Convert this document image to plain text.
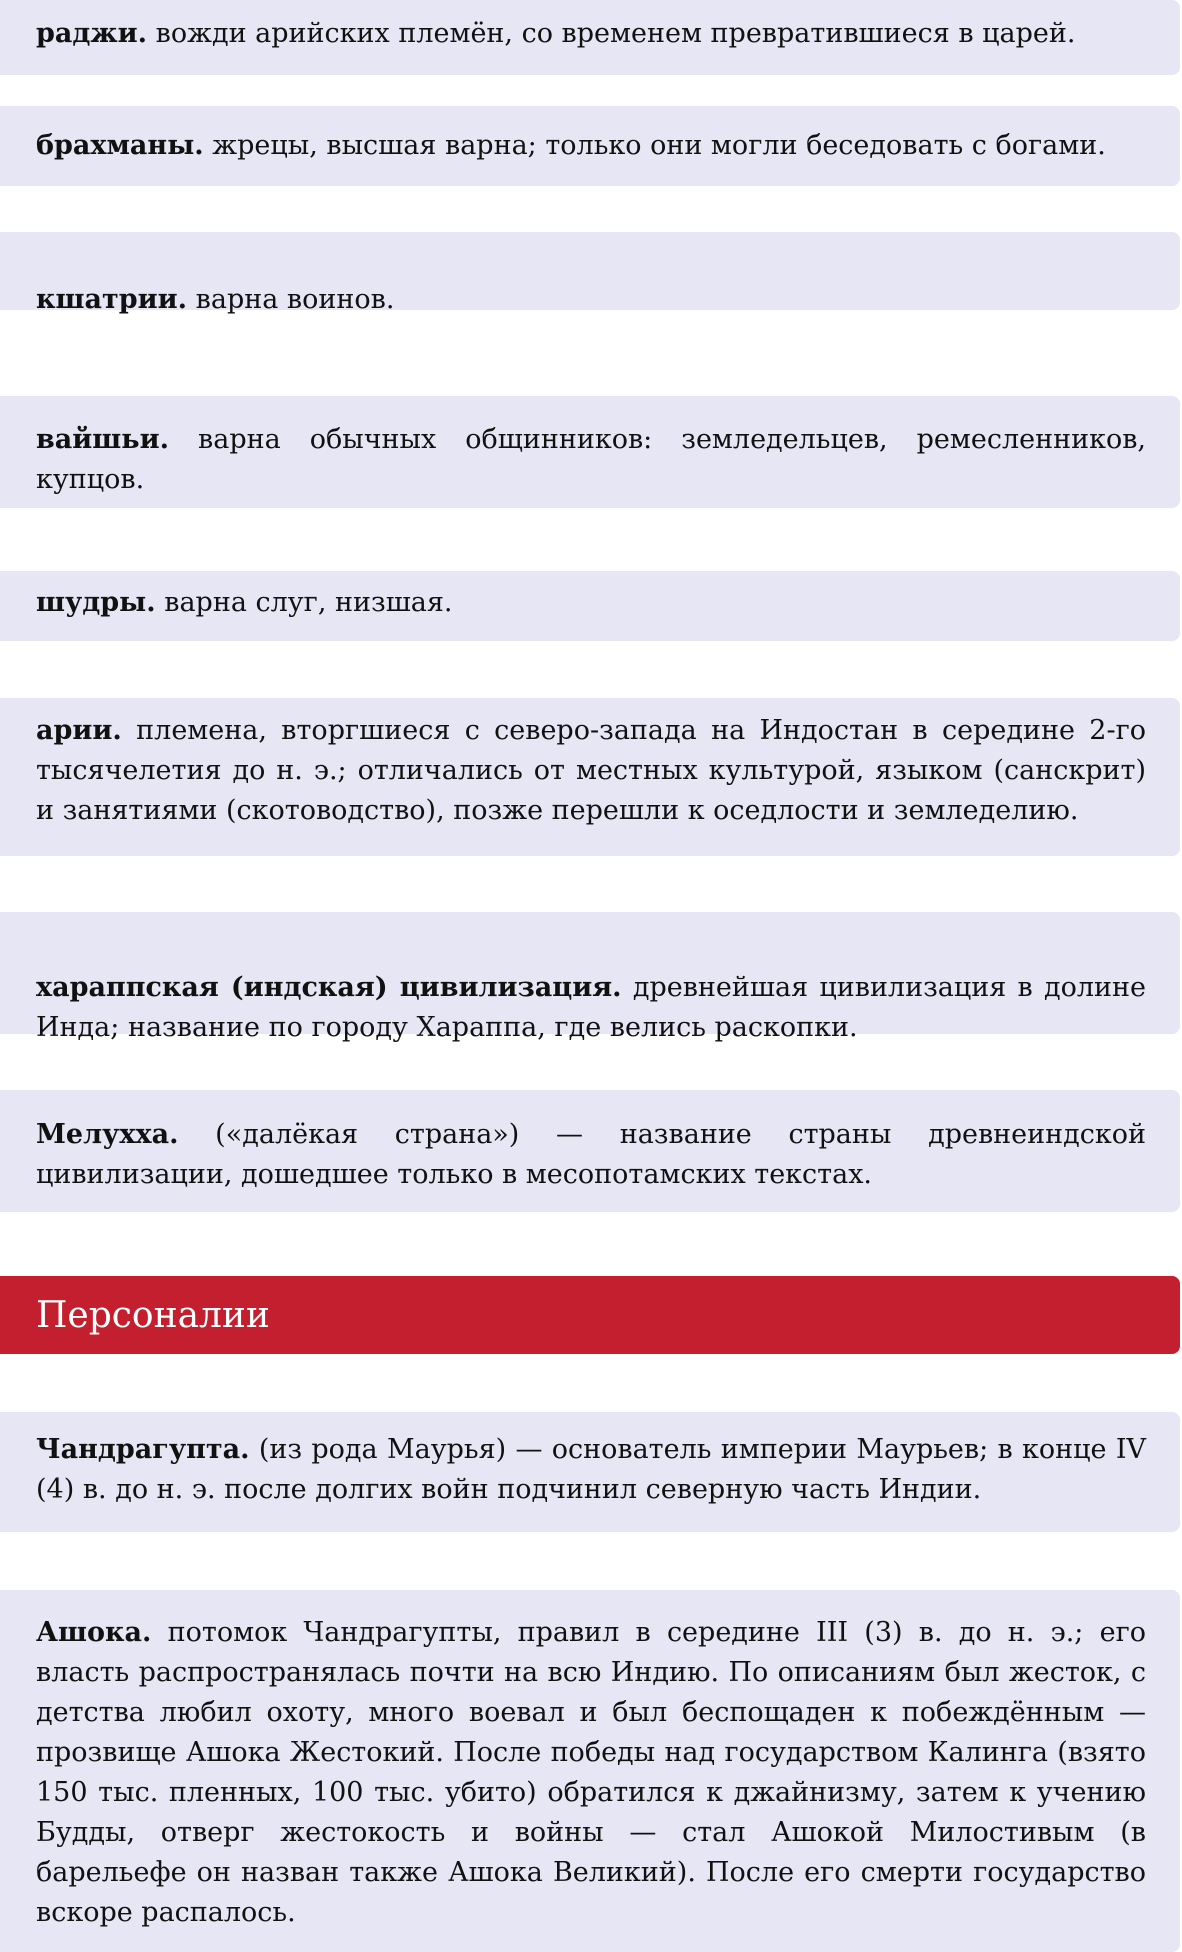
раджи. вожди арийских племён, со временем превратившиеся в царей.

брахманы. жрецы, высшая варна; только они могли беседовать с богами.

кшатрии. варна воинов.

вайшьи. варна обычных общинников: земледельцев, ремесленников, купцов.

шудры. варна слуг, низшая.

арии. племена, вторгшиеся с северо-запада на Индостан в середине 2-го тысячелетия до н. э.; отличались от местных культурой, языком (санскрит) и занятиями (скотоводство), позже перешли к оседлости и земледелию.

хараппская (индская) цивилизация. древнейшая цивилизация в долине Инда; название по городу Хараппа, где велись раскопки.

Мелухха. («далёкая страна») — название страны древнеиндской цивилизации, дошедшее только в месопотамских текстах.

Персоналии

Чандрагупта. (из рода Маурья) — основатель империи Маурьев; в конце IV (4) в. до н. э. после долгих войн подчинил северную часть Индии.

Ашока. потомок Чандрагупты, правил в середине III (3) в. до н. э.; его власть распространялась почти на всю Индию. По описаниям был жесток, с детства любил охоту, много воевал и был беспощаден к побеждённым — прозвище Ашока Жестокий. После победы над государством Калинга (взято 150 тыс. пленных, 100 тыс. убито) обратился к джайнизму, затем к учению Будды, отверг жестокость и войны — стал Ашокой Милостивым (в барельефе он назван также Ашока Великий). После его смерти государство вскоре распалось.
